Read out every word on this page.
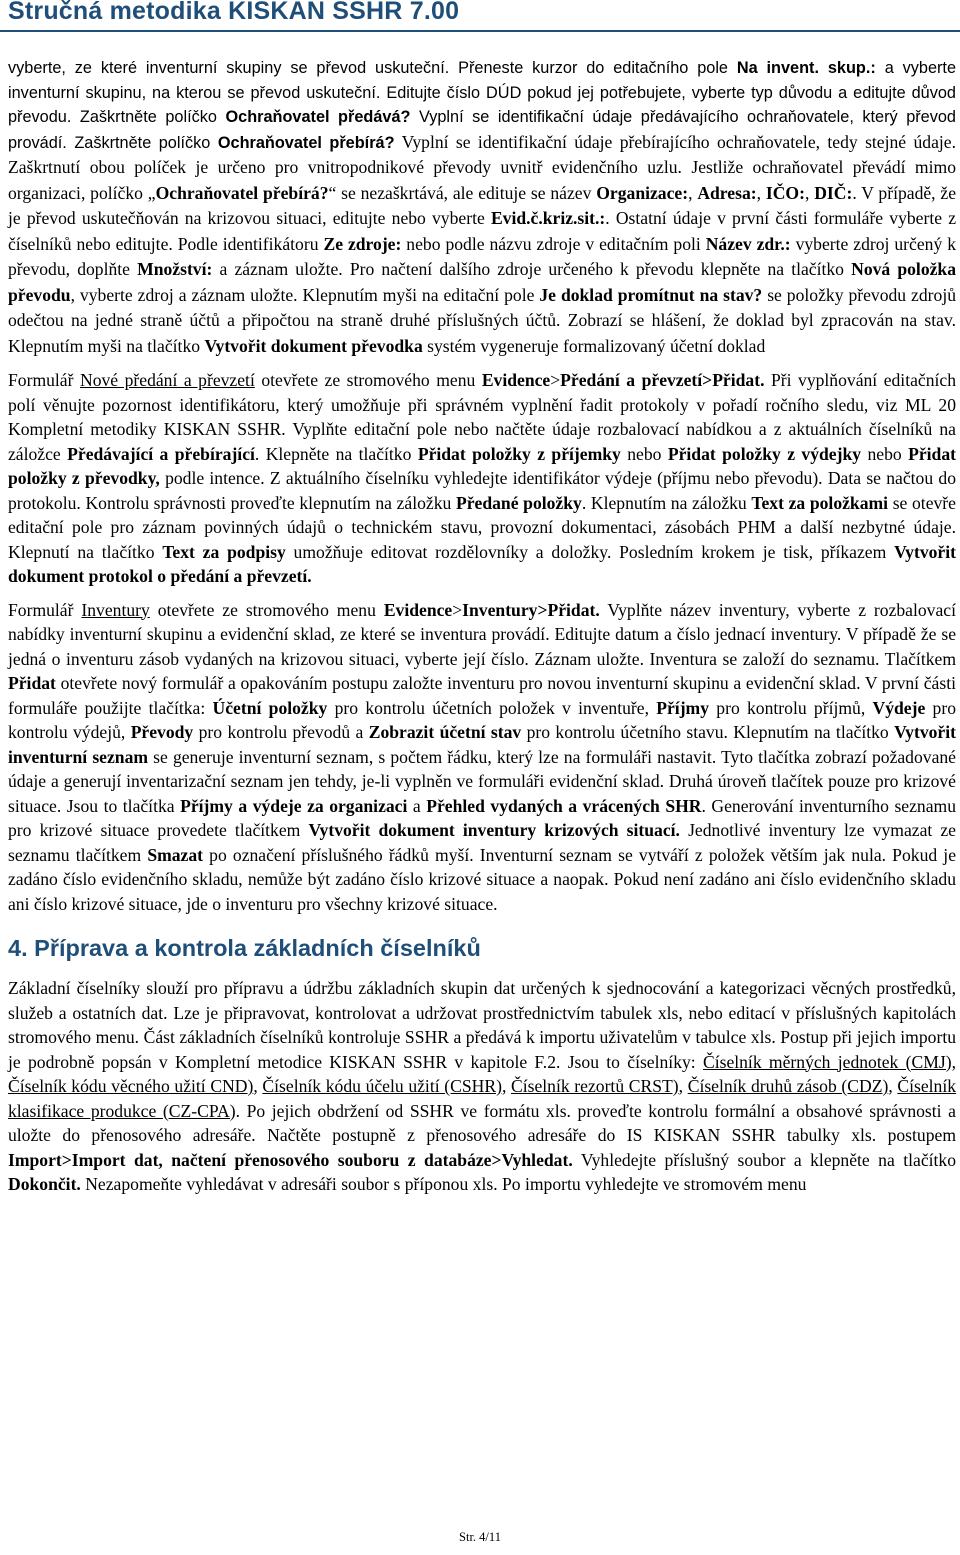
Stručná metodika KISKAN SSHR 7.00

vyberte, ze které inventurní skupiny se převod uskuteční. Přeneste kurzor do editačního pole Na invent. skup.: a vyberte inventurní skupinu, na kterou se převod uskuteční. Editujte číslo DÚD pokud jej potřebujete, vyberte typ důvodu a editujte důvod převodu. Zaškrtněte políčko Ochraňovatel předává? Vyplní se identifikační údaje předávajícího ochraňovatele, který převod provádí. Zaškrtněte políčko Ochraňovatel přebírá? Vyplní se identifikační údaje přebírajícího ochraňovatele, tedy stejné údaje. Zaškrtnutí obou políček je určeno pro vnitropodnikové převody uvnitř evidenčního uzlu. Jestliže ochraňovatel převádí mimo organizaci, políčko „Ochraňovatel přebírá?“ se nezaškrtává, ale edituje se název Organizace:, Adresa:, IČO:, DIČ:. V případě, že je převod uskutečňován na krizovou situaci, editujte nebo vyberte Evid.č.kriz.sit.:. Ostatní údaje v první části formuláře vyberte z číselníků nebo editujte. Podle identifikátoru Ze zdroje: nebo podle názvu zdroje v editačním poli Název zdr.: vyberte zdroj určený k převodu, doplňte Množství: a záznam uložte. Pro načtení dalšího zdroje určeného k převodu klepněte na tlačítko Nová položka převodu, vyberte zdroj a záznam uložte. Klepnutím myši na editační pole Je doklad promítnut na stav? se položky převodu zdrojů odečtou na jedné straně účtů a připočtou na straně druhé příslušných účtů. Zobrazí se hlášení, že doklad byl zpracován na stav. Klepnutím myši na tlačítko Vytvořit dokument převodka systém vygeneruje formalizovaný účetní doklad

Formulář Nové předání a převzetí otevřete ze stromového menu Evidence>Předání a převzetí>Přidat. Při vyplňování editačních polí věnujte pozornost identifikátoru, který umožňuje při správném vyplnění řadit protokoly v pořadí ročního sledu, viz ML 20 Kompletní metodiky KISKAN SSHR. Vyplňte editační pole nebo načtěte údaje rozbalovací nabídkou a z aktuálních číselníků na záložce Předávající a přebírající. Klepněte na tlačítko Přidat položky z příjemky nebo Přidat položky z výdejky nebo Přidat položky z převodky, podle intence. Z aktuálního číselníku vyhledejte identifikátor výdeje (příjmu nebo převodu). Data se načtou do protokolu. Kontrolu správnosti proveďte klepnutím na záložku Předané položky. Klepnutím na záložku Text za položkami se otevře editační pole pro záznam povinných údajů o technickém stavu, provozní dokumentaci, zásobách PHM a další nezbytné údaje. Klepnutí na tlačítko Text za podpisy umožňuje editovat rozdělovníky a doložky. Posledním krokem je tisk, příkazem Vytvořit dokument protokol o předání a převzetí.

Formulář Inventury otevřete ze stromového menu Evidence>Inventury>Přidat. Vyplňte název inventury, vyberte z rozbalovací nabídky inventurní skupinu a evidenční sklad, ze které se inventura provádí. Editujte datum a číslo jednací inventury. V případě že se jedná o inventuru zásob vydaných na krizovou situaci, vyberte její číslo. Záznam uložte. Inventura se založí do seznamu. Tlačítkem Přidat otevřete nový formulář a opakováním postupu založte inventuru pro novou inventurní skupinu a evidenční sklad. V první části formuláře použijte tlačítka: Účetní položky pro kontrolu účetních položek v inventuře, Příjmy pro kontrolu příjmů, Výdeje pro kontrolu výdejů, Převody pro kontrolu převodů a Zobrazit účetní stav pro kontrolu účetního stavu. Klepnutím na tlačítko Vytvořit inventurní seznam se generuje inventurní seznam, s počtem řádku, který lze na formuláři nastavit. Tyto tlačítka zobrazí požadované údaje a generují inventarizační seznam jen tehdy, je-li vyplněn ve formuláři evidenční sklad. Druhá úroveň tlačítek pouze pro krizové situace. Jsou to tlačítka Příjmy a výdeje za organizaci a Přehled vydaných a vrácených SHR. Generování inventurního seznamu pro krizové situace provedete tlačítkem Vytvořit dokument inventury krizových situací. Jednotlivé inventury lze vymazat ze seznamu tlačítkem Smazat po označení příslušného řádků myší. Inventurní seznam se vytváří z položek větším jak nula. Pokud je zadáno číslo evidenčního skladu, nemůže být zadáno číslo krizové situace a naopak. Pokud není zadáno ani číslo evidenčního skladu ani číslo krizové situace, jde o inventuru pro všechny krizové situace.

4. Příprava a kontrola základních číselníků

Základní číselníky slouží pro přípravu a údržbu základních skupin dat určených k sjednocování a kategorizaci věcných prostředků, služeb a ostatních dat. Lze je připravovat, kontrolovat a udržovat prostřednictvím tabulek xls, nebo editací v příslušných kapitolách stromového menu. Část základních číselníků kontroluje SSHR a předává k importu uživatelům v tabulce xls. Postup při jejich importu je podrobně popsán v Kompletní metodice KISKAN SSHR v kapitole F.2. Jsou to číselníky: Číselník měrných jednotek (CMJ), Číselník kódu věcného užití CND), Číselník kódu účelu užití (CSHR), Číselník rezortů CRST), Číselník druhů zásob (CDZ), Číselník klasifikace produkce (CZ-CPA). Po jejich obdržení od SSHR ve formátu xls. proveďte kontrolu formální a obsahové správnosti a uložte do přenosového adresáře. Načtěte postupně z přenosového adresáře do IS KISKAN SSHR tabulky xls. postupem Import>Import dat, načtení přenosového souboru z databáze>Vyhledat. Vyhledejte příslušný soubor a klepněte na tlačítko Dokončit. Nezapomeňte vyhledávat v adresáři soubor s příponou xls. Po importu vyhledejte ve stromovém menu

Str. 4/11
